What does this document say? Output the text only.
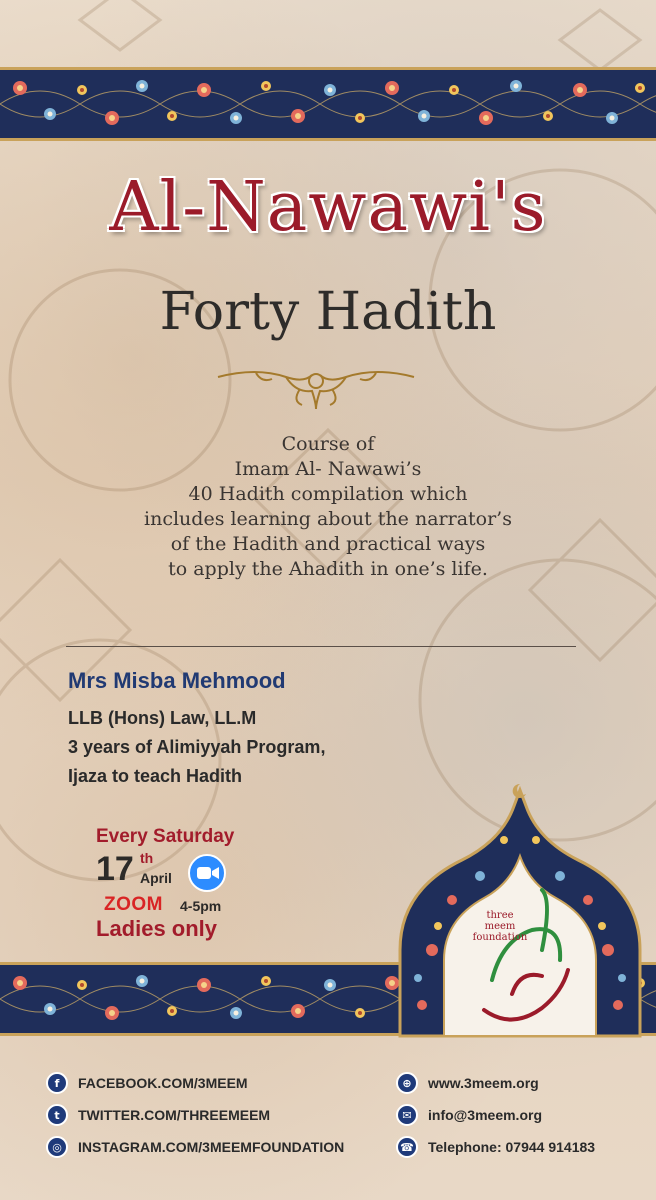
Al-Nawawi's
Forty Hadith
Course of
Imam Al- Nawawi’s
40 Hadith compilation which
includes learning about the narrator’s
of the Hadith and practical ways
to apply the Ahadith in one’s life.
Mrs Misba Mehmood
LLB (Hons) Law, LL.M
3 years of Alimiyyah Program,
Ijaza to teach Hadith
Every Saturday
17 th
April
ZOOM 4-5pm
Ladies only
three
meem
foundation
f	FACEBOOK.COM/3MEEM
t	TWITTER.COM/THREEMEEM
◎	INSTAGRAM.COM/3MEEMFOUNDATION
⊕	www.3meem.org
✉	info@3meem.org
☎ Telephone: 07944 914183
